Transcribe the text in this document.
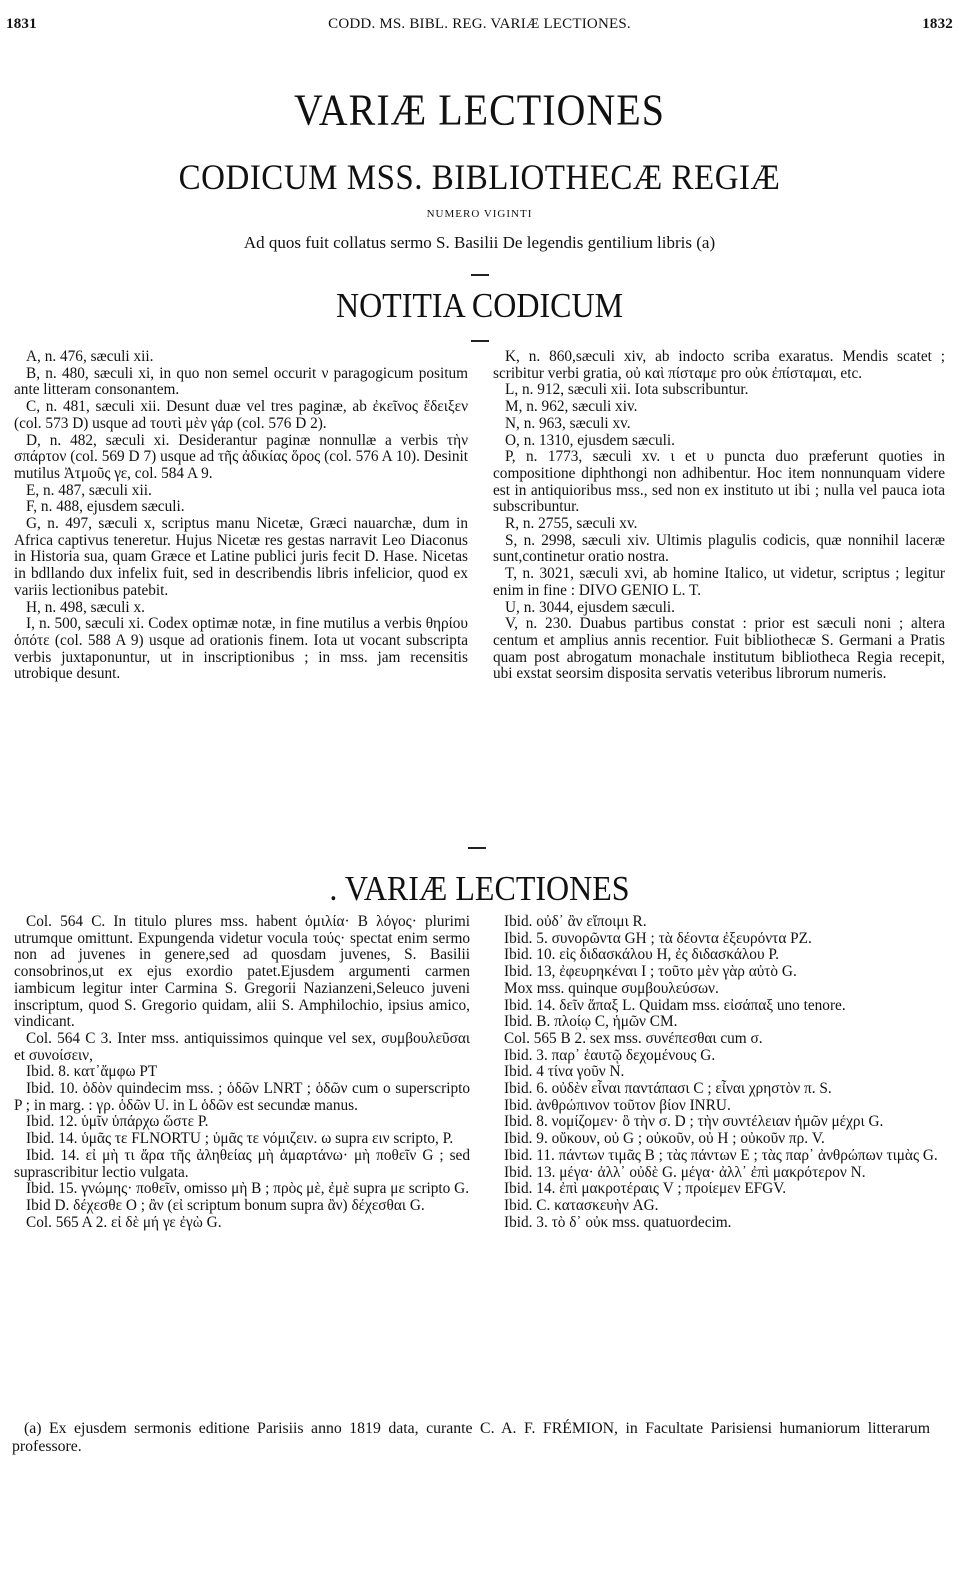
1831	CODD. MS. BIBL. REG. VARIÆ LECTIONES.	1832
VARIÆ LECTIONES
CODICUM MSS. BIBLIOTHECÆ REGIÆ
NUMERO VIGINTI
Ad quos fuit collatus sermo S. Basilii De legendis gentilium libris (a)
NOTITIA CODICUM

A, n. 476, sæculi xii.

B, n. 480, sæculi xi, in quo non semel occurit ν paragogicum positum ante litteram consonantem.

C, n. 481, sæculi xii. Desunt duæ vel tres paginæ, ab ἐκεῖνος ἔδειξεν (col. 573 D) usque ad τουτὶ μὲν γάρ (col. 576 D 2).

D, n. 482, sæculi xi. Desiderantur paginæ nonnullæ a verbis τὴν σπάρτον (col. 569 D 7) usque ad τῆς ἀδικίας ὅρος (col. 576 A 10). Desinit mutilus Ἀτμοῦς γε, col. 584 A 9.

E, n. 487, sæculi xii.

F, n. 488, ejusdem sæculi.

G, n. 497, sæculi x, scriptus manu Nicetæ, Græci nauarchæ, dum in Africa captivus teneretur. Hujus Nicetæ res gestas narravit Leo Diaconus in Historia sua, quam Græce et Latine publici juris fecit D. Hase. Nicetas in bdllando dux infelix fuit, sed in describendis libris infelicior, quod ex variis lectionibus patebit.

H, n. 498, sæculi x.

I, n. 500, sæculi xi. Codex optimæ notæ, in fine mutilus a verbis θηρίου ὁπότε (col. 588 A 9) usque ad orationis finem. Iota ut vocant subscripta verbis juxtaponuntur, ut in inscriptionibus ; in mss. jam recensitis utrobique desunt.

K, n. 860,sæculi xiv, ab indocto scriba exaratus. Mendis scatet ; scribitur verbi gratia, οὐ καὶ πίσταμε pro οὐκ ἐπίσταμαι, etc.

L, n. 912, sæculi xii. Iota subscribuntur.

M, n. 962, sæculi xiv.

N, n. 963, sæculi xv.

O, n. 1310, ejusdem sæculi.

P, n. 1773, sæculi xv. ι et υ puncta duo præferunt quoties in compositione diphthongi non adhibentur. Hoc item nonnunquam videre est in antiquioribus mss., sed non ex instituto ut ibi ; nulla vel pauca iota subscribuntur.

R, n. 2755, sæculi xv.

S, n. 2998, sæculi xiv. Ultimis plagulis codicis, quæ nonnihil laceræ sunt,continetur oratio nostra.

T, n. 3021, sæculi xvi, ab homine Italico, ut videtur, scriptus ; legitur enim in fine : DIVO GENIO L. T.

U, n. 3044, ejusdem sæculi.

V, n. 230. Duabus partibus constat : prior est sæculi noni ; altera centum et amplius annis recentior. Fuit bibliothecæ S. Germani a Pratis quam post abrogatum monachale institutum bibliotheca Regia recepit, ubi exstat seorsim disposita servatis veteribus librorum numeris.

. VARIÆ LECTIONES

Col. 564 C. In titulo plures mss. habent ὁμιλία· Β λόγος· plurimi utrumque omittunt. Expungenda videtur vocula τούς· spectat enim sermo non ad juvenes in genere,sed ad quosdam juvenes, S. Basilii consobrinos,ut ex ejus exordio patet.Ejusdem argumenti carmen iambicum legitur inter Carmina S. Gregorii Nazianzeni,Seleuco juveni inscriptum, quod S. Gregorio quidam, alii S. Amphilochio, ipsius amico, vindicant.

Col. 564 C 3. Inter mss. antiquissimos quinque vel sex, συμβουλεῦσαι et συνοίσειν,

Ibid. 8. κατ᾽ἄμφω PT

Ibid. 10. ὁδὸν quindecim mss. ; ὁδῶν LNRT ; ὁδῶν cum ο superscripto P ; in marg. : γρ. ὁδῶν U. in L ὁδῶν est secundæ manus.

Ibid. 12. ὑμῖν ὑπάρχω ὥστε P.

Ibid. 14. ὑμᾶς τε FLNORTU ; ὑμᾶς τε νόμιζειν. ω supra ειν scripto, P.

Ibid. 14. εἰ μὴ τι ἄρα τῆς ἀληθείας μὴ ἁμαρτάνω· μὴ ποθεῖν G ; sed suprascribitur lectio vulgata.

Ibid. 15. γνώμης· ποθεῖν, omisso μὴ B ; πρὸς μὲ, ἐμὲ supra με scripto G.

Ibid D. δέχεσθε Ο ; ἂν (εἰ scriptum bonum supra ἂν) δέχεσθαι G.

Col. 565 A 2. εἰ δὲ μή γε ἐγὼ G.

Ibid. οὐδ᾽ ἂν εἴποιμι R.

Ibid. 5. συνορῶντα GH ; τὰ δέοντα ἐξευρόντα PZ.

Ibid. 10. εἰς διδασκάλου H, ἐς διδασκάλου P.

Ibid. 13, ἐφευρηκέναι I ; τοῦτο μὲν γὰρ αὐτὸ G.

Mox mss. quinque συμβουλεύσων.

Ibid. 14. δεῖν ἅπαξ L. Quidam mss. εἰσάπαξ uno tenore.

Ibid. B. πλοίῳ C, ἡμῶν CM.

Col. 565 B 2. sex mss. συνέπεσθαι cum σ.

Ibid. 3. παρ᾽ ἑαυτῷ δεχομένους G.

Ibid. 4 τίνα γοῦν N.

Ibid. 6. οὐδὲν εἶναι παντάπασι C ; εἶναι χρηστὸν π. S.

Ibid. ἀνθρώπινον τοῦτον βίον INRU.

Ibid. 8. νομίζομεν· ὃ τὴν σ. D ; τὴν συντέλειαν ἡμῶν μέχρι G.

Ibid. 9. οὔκουν, οὐ G ; οὐκοῦν, οὐ H ; οὐκοῦν πρ. V.

Ibid. 11. πάντων τιμᾶς B ; τὰς πάντων E ; τὰς παρ᾽ ἀνθρώπων τιμὰς G.

Ibid. 13. μέγα· ἀλλ᾽ οὐδὲ G. μέγα· ἀλλ᾽ ἐπὶ μακρότερον N.

Ibid. 14. ἐπὶ μακροτέραις V ; προίεμεν EFGV.

Ibid. C. κατασκευὴν AG.

Ibid. 3. τὸ δ᾽ οὐκ mss. quatuordecim.

(a) Ex ejusdem sermonis editione Parisiis anno 1819 data, curante C. A. F. FRÉMION, in Facultate Parisiensi humaniorum litterarum professore.
